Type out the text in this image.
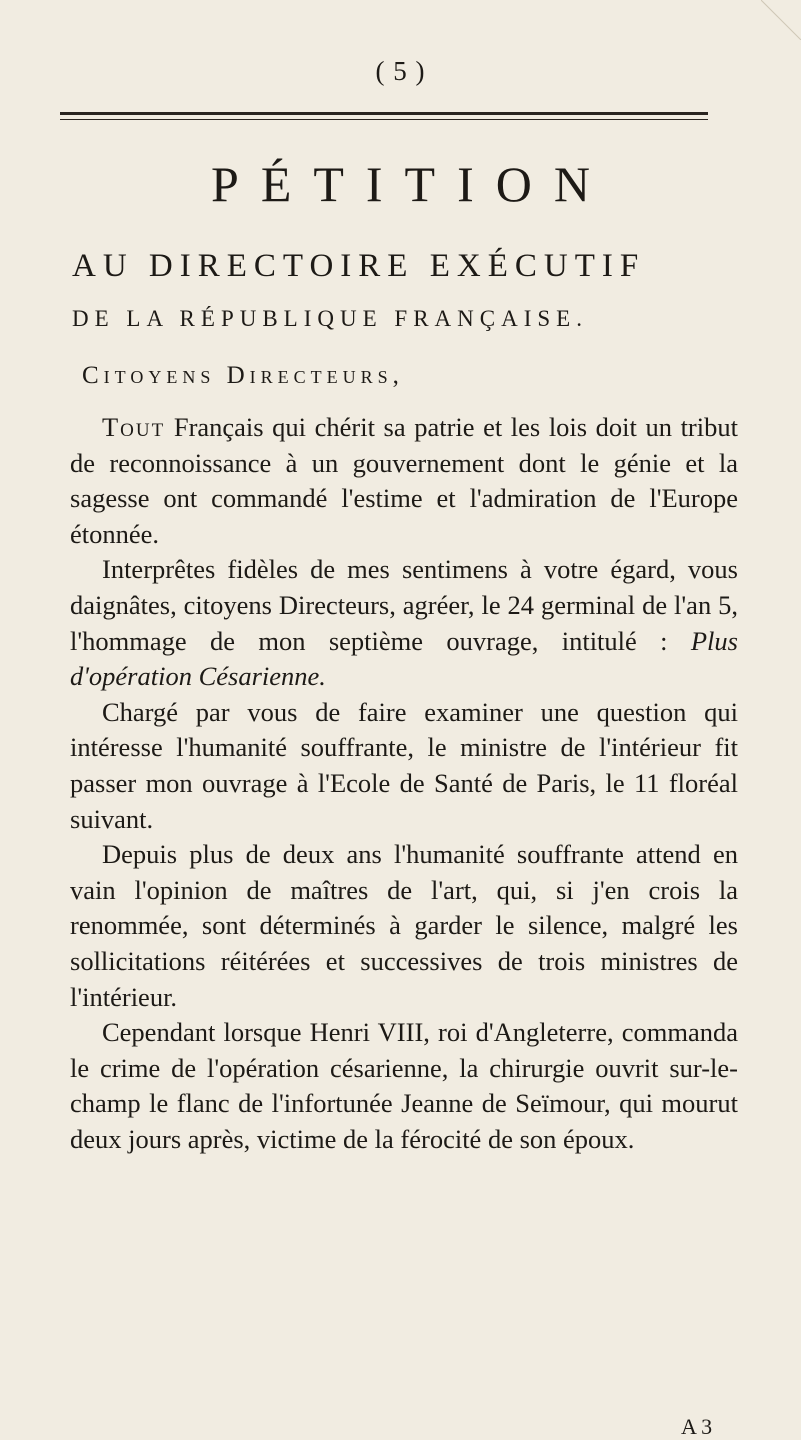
( 5 )
PÉTITION
AU DIRECTOIRE EXÉCUTIF
DE LA RÉPUBLIQUE FRANÇAISE.
Citoyens Directeurs,

Tout Français qui chérit sa patrie et les lois doit un tribut de reconnoissance à un gouvernement dont le génie et la sagesse ont commandé l'estime et l'admiration de l'Europe étonnée.

Interprêtes fidèles de mes sentimens à votre égard, vous daignâtes, citoyens Directeurs, agréer, le 24 germinal de l'an 5, l'hommage de mon septième ouvrage, intitulé : Plus d'opération Césarienne.

Chargé par vous de faire examiner une question qui intéresse l'humanité souffrante, le ministre de l'intérieur fit passer mon ouvrage à l'Ecole de Santé de Paris, le 11 floréal suivant.

Depuis plus de deux ans l'humanité souffrante attend en vain l'opinion de maîtres de l'art, qui, si j'en crois la renommée, sont déterminés à garder le silence, malgré les sollicitations réitérées et successives de trois ministres de l'intérieur.

Cependant lorsque Henri VIII, roi d'Angleterre, commanda le crime de l'opération césarienne, la chirurgie ouvrit sur-le-champ le flanc de l'infortunée Jeanne de Seïmour, qui mourut deux jours après, victime de la férocité de son époux.

A 3
